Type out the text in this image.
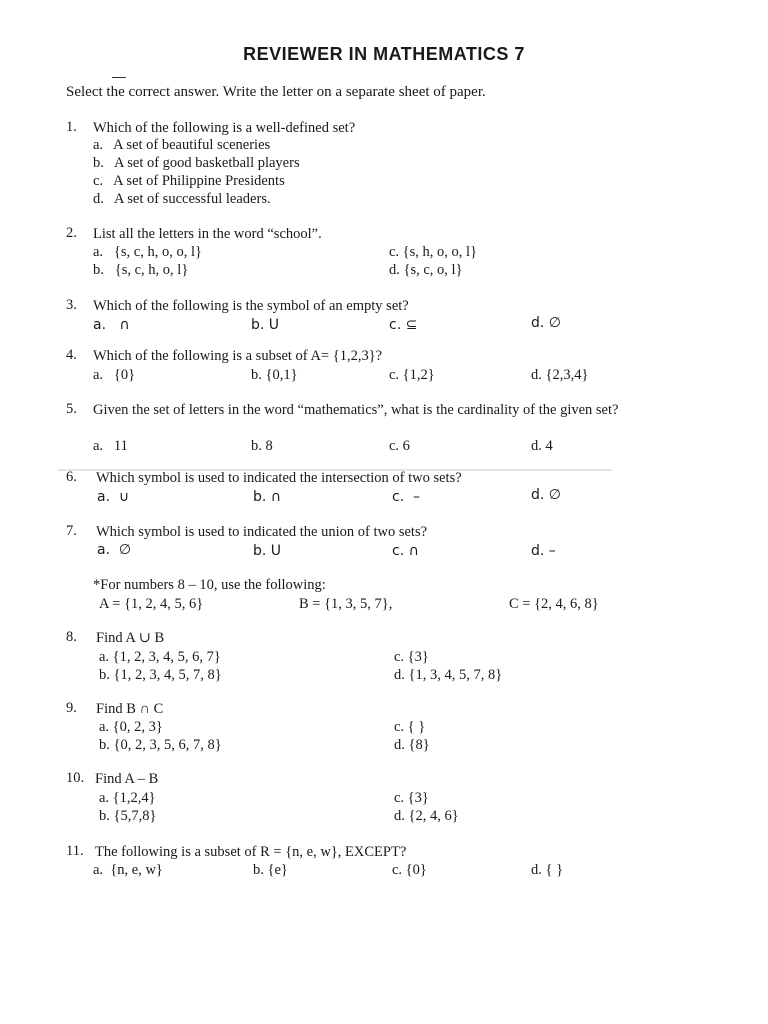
REVIEWER IN MATHEMATICS 7
Select the correct answer. Write the letter on a separate sheet of paper.
1. Which of the following is a well-defined set?
a.   A set of beautiful sceneries
b.   A set of good basketball players
c.   A set of Philippine Presidents
d.   A set of successful leaders.
2. List all the letters in the word “school”.
a.   {s, c, h, o, o, l}	c. {s, h, o, o, l}
b.   {s, c, h, o, l}	d. {s, c, o, l}
3. Which of the following is the symbol of an empty set?
a.   ∩	b. U	c. ⊆	d. ∅
4. Which of the following is a subset of A= {1,2,3}?
a.   {0}	b. {0,1}	c. {1,2}	d. {2,3,4}
5. Given the set of letters in the word “mathematics”, what is the cardinality of the given set?
a.   11	b. 8	c. 6	d. 4
6. Which symbol is used to indicated the intersection of two sets?
a.  ∪	b. ∩	c.  –	d. ∅
7. Which symbol is used to indicated the union of two sets?
a.  ∅	b. U	c. ∩	d. –
*For numbers 8 – 10, use the following:
A = {1, 2, 4, 5, 6}	B = {1, 3, 5, 7},	C = {2, 4, 6, 8}
8. Find A ∪ B
a. {1, 2, 3, 4, 5, 6, 7}	c. {3}
b. {1, 2, 3, 4, 5, 7, 8}	d. {1, 3, 4, 5, 7, 8}
9. Find B ∩ C
a. {0, 2, 3}	c. { }
b. {0, 2, 3, 5, 6, 7, 8}	d. {8}
10. Find A – B
a. {1,2,4}	c. {3}
b. {5,7,8}	d. {2, 4, 6}
11. The following is a subset of R = {n, e, w}, EXCEPT?
a.  {n, e, w}	b. {e}	c. {0}	d. { }
